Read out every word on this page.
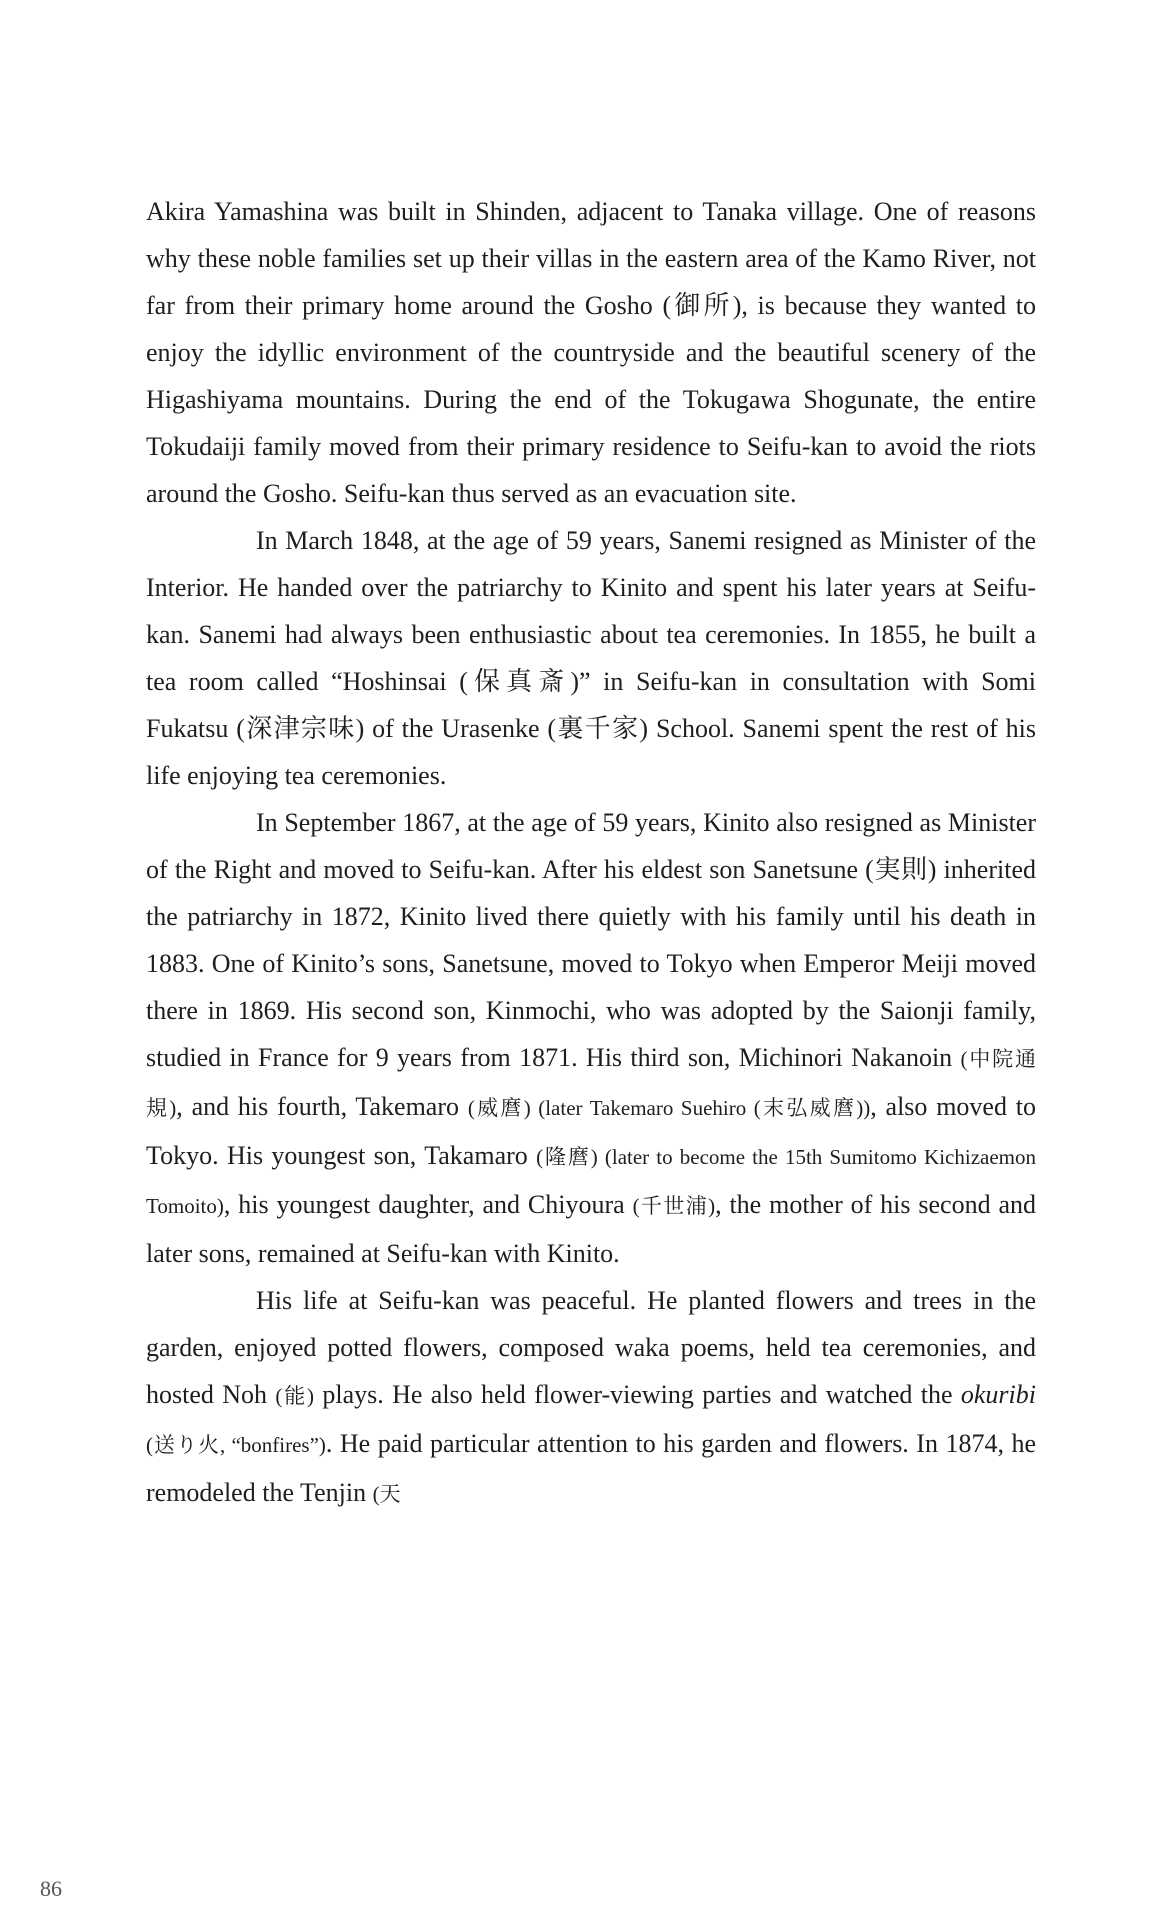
Akira Yamashina was built in Shinden, adjacent to Tanaka village. One of reasons why these noble families set up their villas in the eastern area of the Kamo River, not far from their primary home around the Gosho (御所), is because they wanted to enjoy the idyllic environment of the countryside and the beautiful scenery of the Higashiyama mountains. During the end of the Tokugawa Shogunate, the entire Tokudaiji family moved from their primary residence to Seifu-kan to avoid the riots around the Gosho. Seifu-kan thus served as an evacuation site.

In March 1848, at the age of 59 years, Sanemi resigned as Minister of the Interior. He handed over the patriarchy to Kinito and spent his later years at Seifu-kan. Sanemi had always been enthusiastic about tea ceremonies. In 1855, he built a tea room called “Hoshinsai (保真斎)” in Seifu-kan in consultation with Somi Fukatsu (深津宗味) of the Urasenke (裏千家) School. Sanemi spent the rest of his life enjoying tea ceremonies.

In September 1867, at the age of 59 years, Kinito also resigned as Minister of the Right and moved to Seifu-kan. After his eldest son Sanetsune (実則) inherited the patriarchy in 1872, Kinito lived there quietly with his family until his death in 1883. One of Kinito’s sons, Sanetsune, moved to Tokyo when Emperor Meiji moved there in 1869. His second son, Kinmochi, who was adopted by the Saionji family, studied in France for 9 years from 1871. His third son, Michinori Nakanoin (中院通規), and his fourth, Takemaro (威麿) (later Takemaro Suehiro (末弘威麿)), also moved to Tokyo. His youngest son, Takamaro (隆麿) (later to become the 15th Sumitomo Kichizaemon Tomoito), his youngest daughter, and Chiyoura (千世浦), the mother of his second and later sons, remained at Seifu-kan with Kinito.

His life at Seifu-kan was peaceful. He planted flowers and trees in the garden, enjoyed potted flowers, composed waka poems, held tea ceremonies, and hosted Noh (能) plays. He also held flower-viewing parties and watched the okuribi (送り火, “bonfires”). He paid particular attention to his garden and flowers. In 1874, he remodeled the Tenjin (天

86
